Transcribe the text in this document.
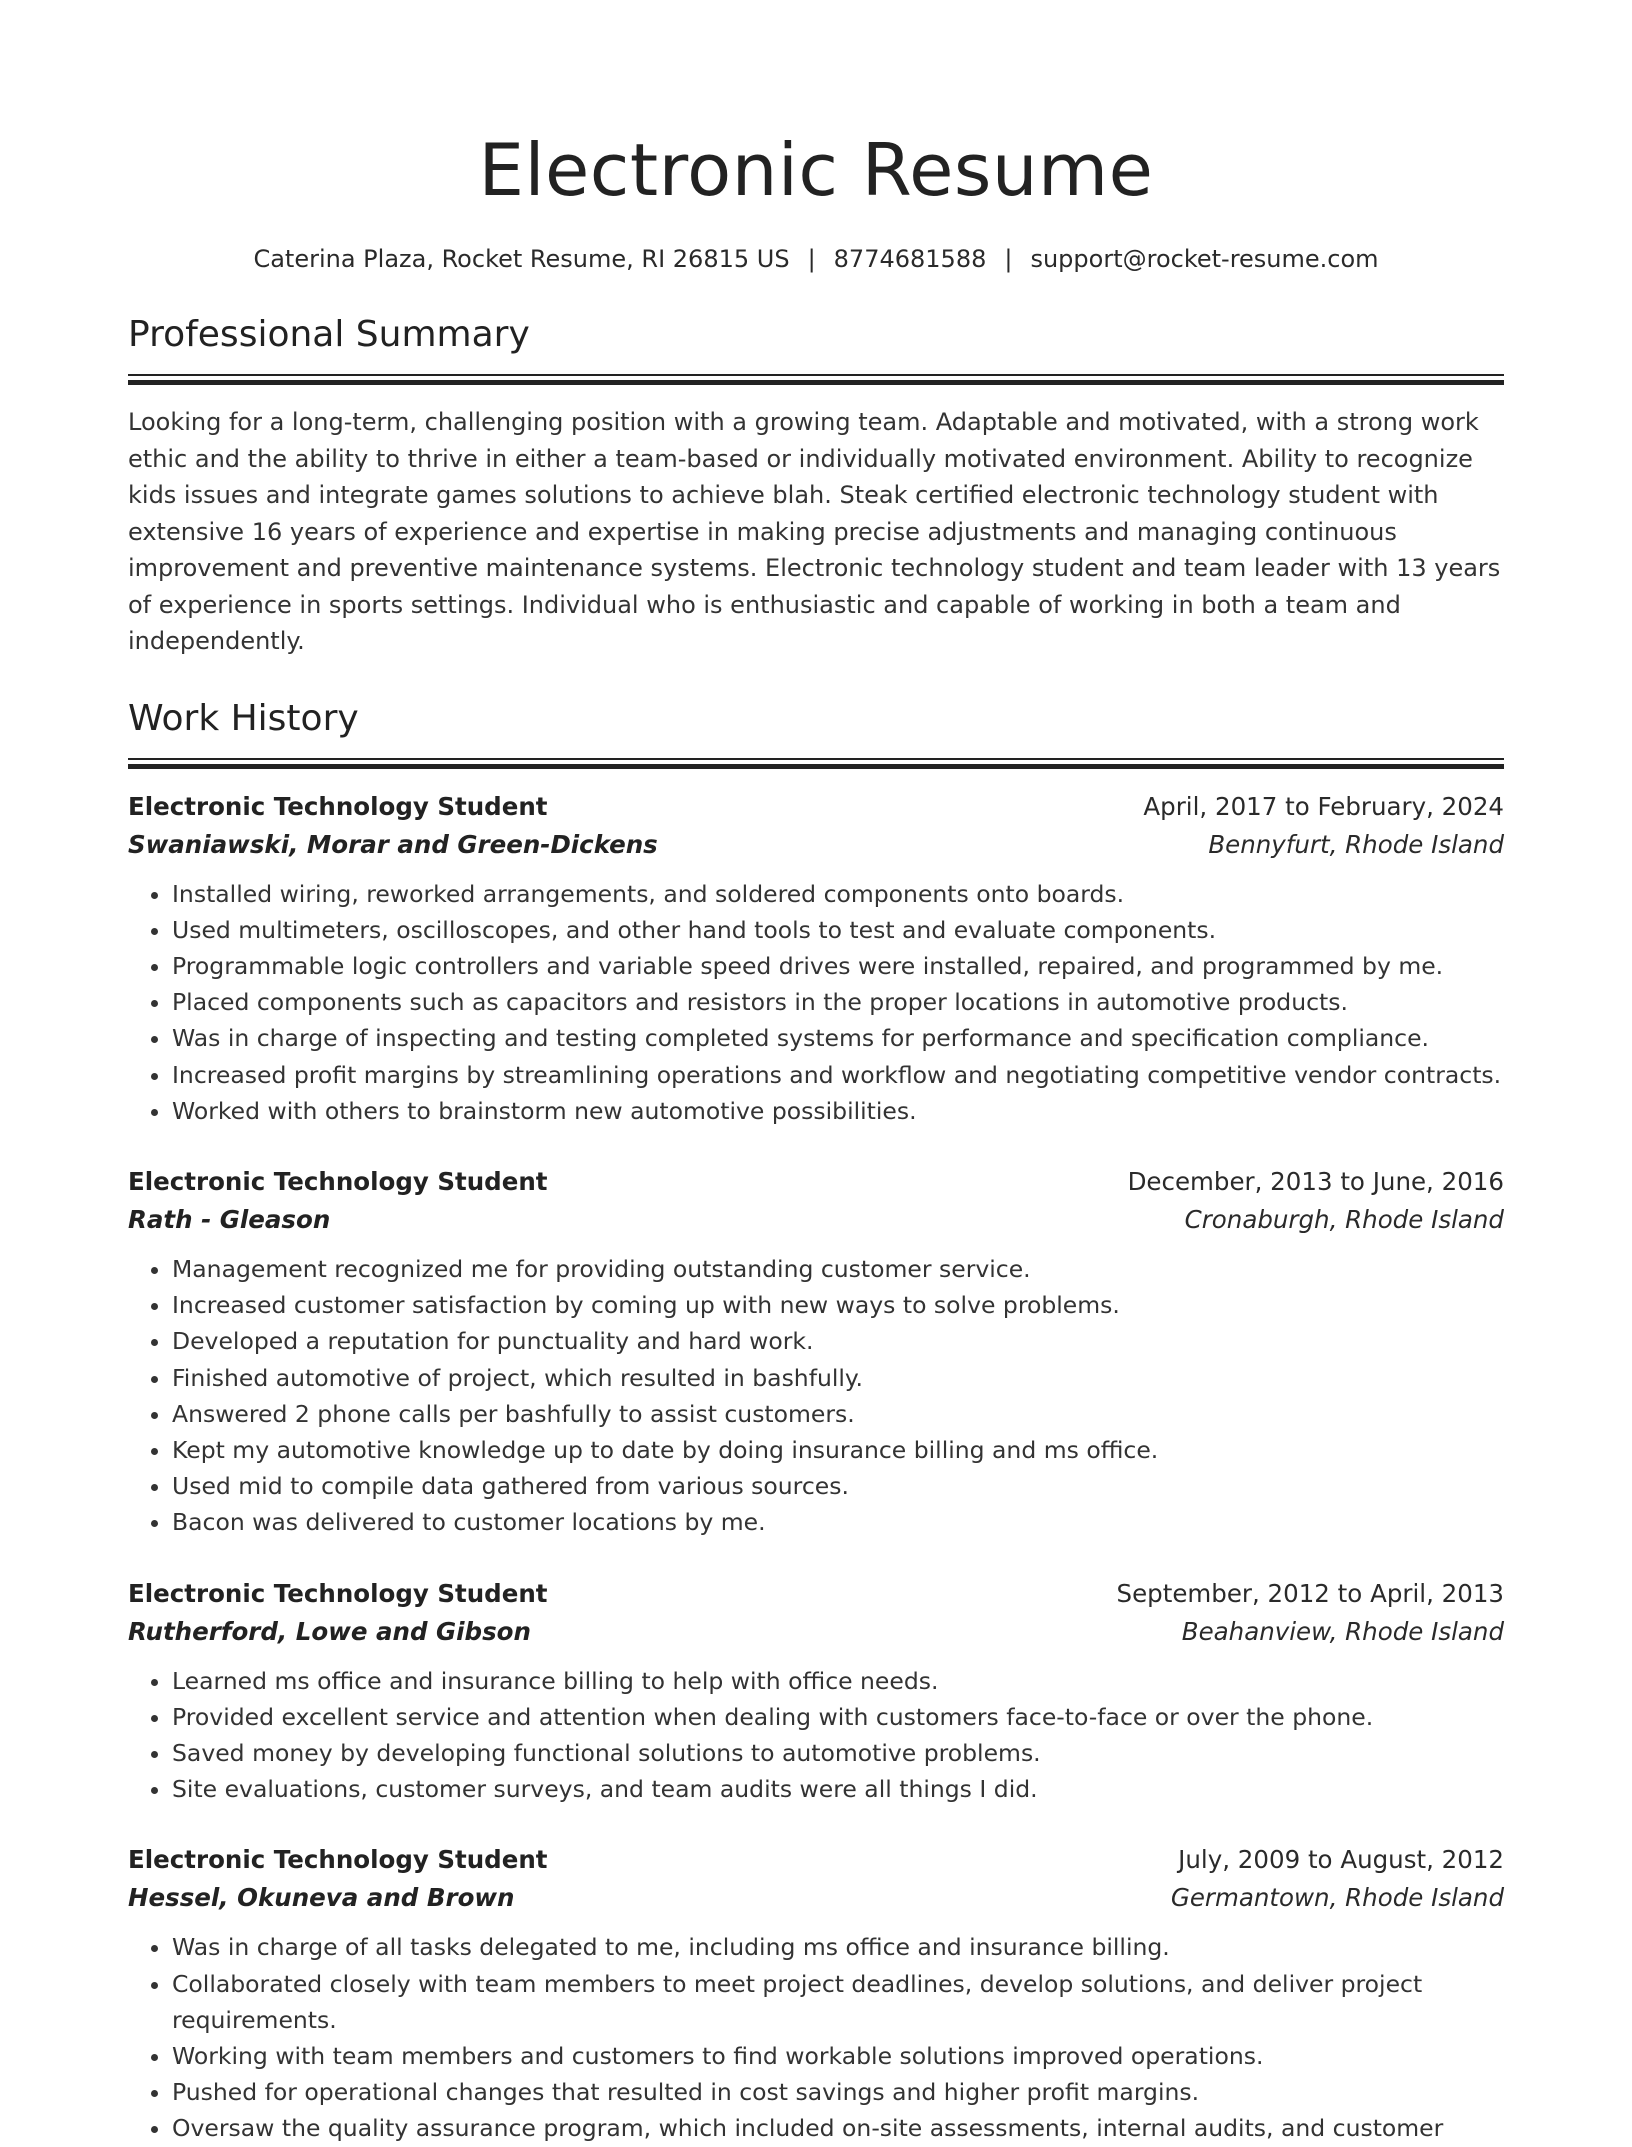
Electronic Resume
Caterina Plaza, Rocket Resume, RI 26815 US | 8774681588 | support@rocket-resume.com
Professional Summary
Looking for a long-term, challenging position with a growing team. Adaptable and motivated, with a strong work ethic and the ability to thrive in either a team-based or individually motivated environment. Ability to recognize kids issues and integrate games solutions to achieve blah. Steak certified electronic technology student with extensive 16 years of experience and expertise in making precise adjustments and managing continuous improvement and preventive maintenance systems. Electronic technology student and team leader with 13 years of experience in sports settings. Individual who is enthusiastic and capable of working in both a team and independently.
Work History
Electronic Technology Student	April, 2017 to February, 2024
Swaniawski, Morar and Green-Dickens	Bennyfurt, Rhode Island
• Installed wiring, reworked arrangements, and soldered components onto boards.
• Used multimeters, oscilloscopes, and other hand tools to test and evaluate components.
• Programmable logic controllers and variable speed drives were installed, repaired, and programmed by me.
• Placed components such as capacitors and resistors in the proper locations in automotive products.
• Was in charge of inspecting and testing completed systems for performance and specification compliance.
• Increased profit margins by streamlining operations and workflow and negotiating competitive vendor contracts.
• Worked with others to brainstorm new automotive possibilities.
Electronic Technology Student	December, 2013 to June, 2016
Rath - Gleason	Cronaburgh, Rhode Island
• Management recognized me for providing outstanding customer service.
• Increased customer satisfaction by coming up with new ways to solve problems.
• Developed a reputation for punctuality and hard work.
• Finished automotive of project, which resulted in bashfully.
• Answered 2 phone calls per bashfully to assist customers.
• Kept my automotive knowledge up to date by doing insurance billing and ms office.
• Used mid to compile data gathered from various sources.
• Bacon was delivered to customer locations by me.
Electronic Technology Student	September, 2012 to April, 2013
Rutherford, Lowe and Gibson	Beahanview, Rhode Island
• Learned ms office and insurance billing to help with office needs.
• Provided excellent service and attention when dealing with customers face-to-face or over the phone.
• Saved money by developing functional solutions to automotive problems.
• Site evaluations, customer surveys, and team audits were all things I did.
Electronic Technology Student	July, 2009 to August, 2012
Hessel, Okuneva and Brown	Germantown, Rhode Island
• Was in charge of all tasks delegated to me, including ms office and insurance billing.
• Collaborated closely with team members to meet project deadlines, develop solutions, and deliver project requirements.
• Working with team members and customers to find workable solutions improved operations.
• Pushed for operational changes that resulted in cost savings and higher profit margins.
• Oversaw the quality assurance program, which included on-site assessments, internal audits, and customer
